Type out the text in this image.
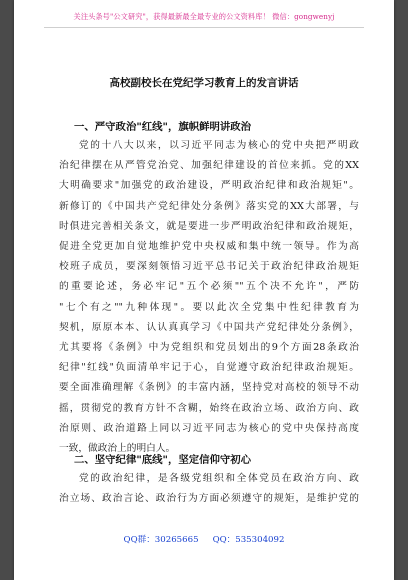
关注头条号"公文研究"，获得最新最全最专业的公文资料库！ 微信：gongwenyj
高校副校长在党纪学习教育上的发言讲话
一、严守政治"红线"，旗帜鲜明讲政治
党的十八大以来，以习近平同志为核心的党中央把严明政
治纪律摆在从严管党治党、加强纪律建设的首位来抓。党的XX
大明确要求"加强党的政治建设，严明政治纪律和政治规矩"。
新修订的《中国共产党纪律处分条例》落实党的XX大部署，与
时俱进完善相关条文，就是要进一步严明政治纪律和政治规矩，
促进全党更加自觉地维护党中央权威和集中统一领导。作为高
校班子成员，要深刻领悟习近平总书记关于政治纪律政治规矩
的重要论述，务必牢记"五个必须""五个决不允许"，严防
"七个有之""九种体现"。要以此次全党集中性纪律教育为
契机，原原本本、认认真真学习《中国共产党纪律处分条例》，
尤其要将《条例》中为党组织和党员划出的9个方面28条政治
纪律"红线"负面清单牢记于心，自觉遵守政治纪律政治规矩。
要全面准确理解《条例》的丰富内涵，坚持党对高校的领导不动
摇，贯彻党的教育方针不含糊，始终在政治立场、政治方向、政
治原则、政治道路上同以习近平同志为核心的党中央保持高度
一致，做政治上的明白人。
二、坚守纪律"底线"，坚定信仰守初心
党的政治纪律，是各级党组织和全体党员在政治方向、政
治立场、政治言论、政治行为方面必须遵守的规矩，是维护党的
QQ群：30265665 QQ：535304092
